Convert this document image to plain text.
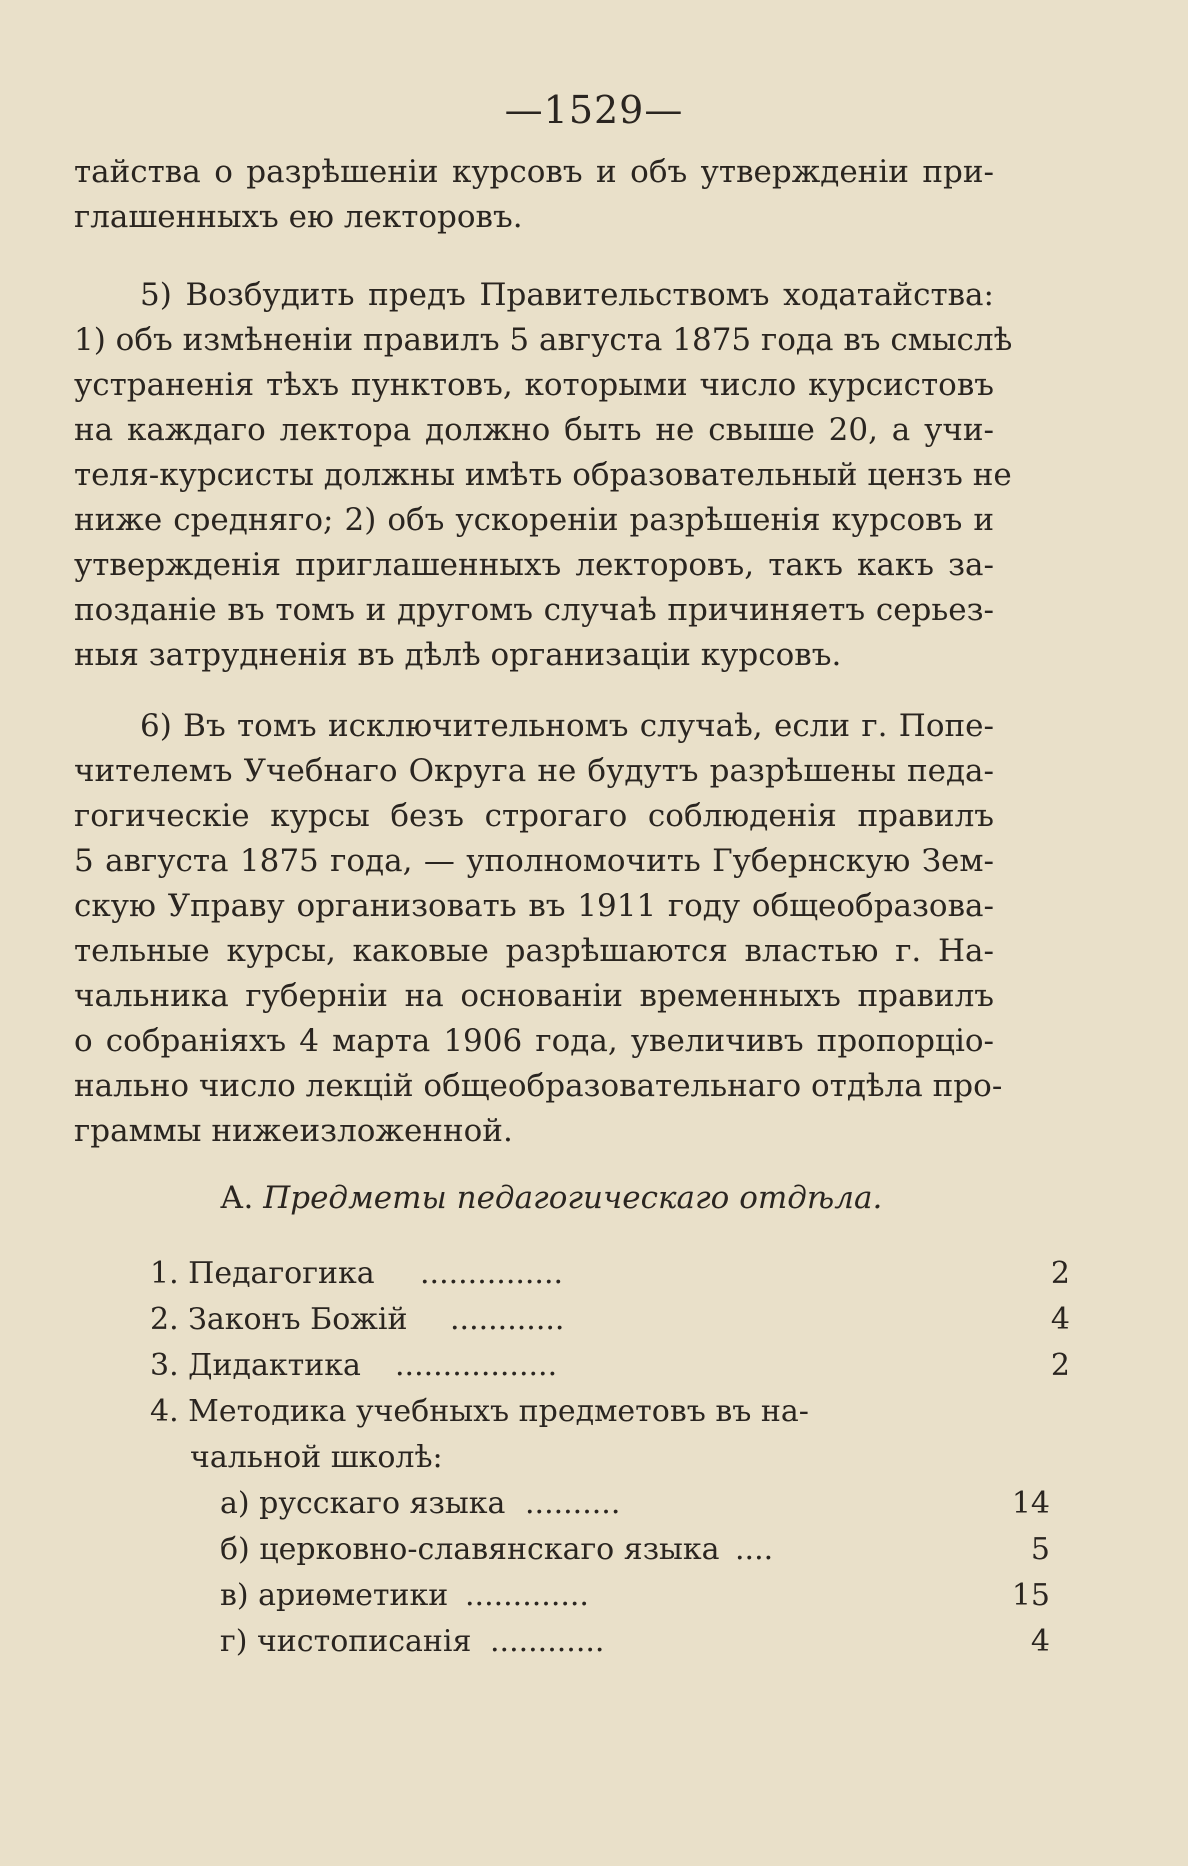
—1529—
тайства о разрѣшенiи курсовъ и объ утвержденiи при-
глашенныхъ ею лекторовъ.
5) Возбудить предъ Правительствомъ ходатайства:
1) объ измѣненiи правилъ 5 августа 1875 года въ смыслѣ
устраненiя тѣхъ пунктовъ, которыми число курсистовъ
на каждаго лектора должно быть не свыше 20, а учи-
теля-курсисты должны имѣть образовательный цензъ не
ниже средняго; 2) объ ускоренiи разрѣшенiя курсовъ и
утвержденiя приглашенныхъ лекторовъ, такъ какъ за-
позданiе въ томъ и другомъ случаѣ причиняетъ серьез-
ныя затрудненiя въ дѣлѣ организацiи курсовъ.
6) Въ томъ исключительномъ случаѣ, если г. Попе-
чителемъ Учебнаго Округа не будутъ разрѣшены педа-
гогическiе курсы безъ строгаго соблюденiя правилъ
5 августа 1875 года, — уполномочить Губернскую Зем-
скую Управу организовать въ 1911 году общеобразова-
тельные курсы, каковые разрѣшаются властью г. На-
чальника губернiи на основанiи временныхъ правилъ
о собранiяхъ 4 марта 1906 года, увеличивъ пропорцiо-
нально число лекцiй общеобразовательнаго отдѣла про-
граммы нижеизложенной.
А. Предметы педагогическаго отдѣла.
1. Педагогика ...............	2
2. Законъ Божiй ............	4
3. Дидактика .................	2
4. Методика учебныхъ предметовъ въ на-
чальной школѣ:
а) русскаго языка ..........	14
б) церковно-славянскаго языка ....	5
в) ариѳметики .............	15
г) чистописанiя ............	4
